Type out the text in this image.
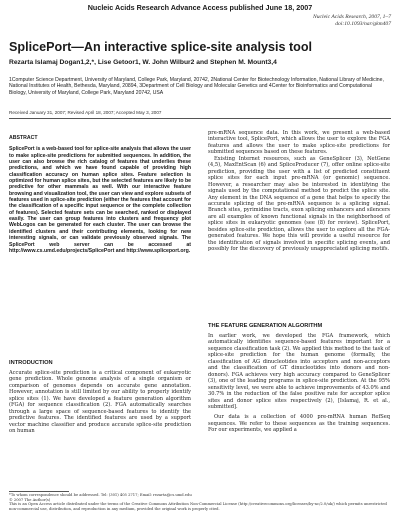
Nucleic Acids Research Advance Access published June 18, 2007
Nucleic Acids Research, 2007, 1–7
doi:10.1093/nar/gkm407
SplicePort—An interactive splice-site analysis tool
Rezarta Islamaj Dogan1,2,*, Lise Getoor1, W. John Wilbur2 and Stephen M. Mount3,4
1Computer Science Department, University of Maryland, College Park, Maryland, 20742, 2National Center for Biotechnology Information, National Library of Medicine, National Institutes of Health, Bethesda, Maryland, 20894, 3Department of Cell Biology and Molecular Genetics and 4Center for Bioinformatics and Computational Biology, University of Maryland, College Park, Maryland 20742, USA
Received January 31, 2007; Revised April 18, 2007; Accepted May 3, 2007

ABSTRACT

SplicePort is a web-based tool for splice-site analysis that allows the user to make splice-site predictions for submitted sequences. In addition, the user can also browse the rich catalog of features that underlies these predictions, and which we have found capable of providing high classification accuracy on human splice sites. Feature selection is optimized for human splice sites, but the selected features are likely to be predictive for other mammals as well. With our interactive feature browsing and visualization tool, the user can view and explore subsets of features used in splice-site prediction (either the features that account for the classification of a specific input sequence or the complete collection of features). Selected feature sets can be searched, ranked or displayed easily. The user can group features into clusters and frequency plot WebLogos can be generated for each cluster. The user can browse the identified clusters and their contributing elements, looking for new interesting signals, or can validate previously observed signals. The SplicePort web server can be accessed at http://www.cs.umd.edu/projects/SplicePort and http://www.spliceport.org.

INTRODUCTION

Accurate splice-site prediction is a critical component of eukaryotic gene prediction. Whole genome analysis of a single organism or comparison of genomes depends on accurate gene annotation. However, annotation is still limited by our ability to properly identify splice sites (1). We have developed a feature generation algorithm (FGA) for sequence classification (2). FGA automatically searches through a large space of sequence-based features to identify the predictive features. The identified features are used by a support vector machine classifier and produce accurate splice-site prediction on human

pre-mRNA sequence data. In this work, we present a web-based interactive tool, SplicePort, which allows the user to explore the FGA features and allows the user to make splice-site predictions for submitted sequences based on these features.

Existing Internet resources, such as GeneSplicer (3), NetGene (4,5), MaxEntScan (6) and SpliceProducer (7), offer online splice-site prediction, providing the user with a list of predicted constituent splice sites for each input pre-mRNA (or genomic) sequence. However, a researcher may also be interested in identifying the signals used by the computational method to predict the splice site. Any element in the DNA sequence of a gene that helps to specify the accurate splicing of the pre-mRNA sequence is a splicing signal. Branch sites, pyrimidine tracts, exon splicing enhancers and silencers are all examples of known functional signals in the neighborhood of splice sites in eukaryotic genomes (see (8) for review). SplicePort, besides splice-site prediction, allows the user to explore all the FGA-generated features. We hope this will provide a useful resource for the identification of signals involved in specific splicing events, and possibly for the discovery of previously unappreciated splicing motifs.

THE FEATURE GENERATION ALGORITHM

In earlier work, we developed the FGA framework, which automatically identifies sequence-based features important for a sequence classification task (2). We applied this method to the task of splice-site prediction for the human genome (formally, the classification of AG dinucleotides into acceptors and non-acceptors and the classification of GT dinucleotides into donors and non-donors). FGA achieves very high accuracy compared to GeneSplicer (3), one of the leading programs in splice-site prediction. At the 95% sensitivity level, we were able to achieve improvements of 43.0% and 30.7% in the reduction of the false positive rate for acceptor splice sites and donor splice sites respectively (2), [Islamaj, R. et al., submitted].

Our data is a collection of 4000 pre-mRNA human RefSeq sequences. We refer to these sequences as the training sequences. For our experiments, we applied a

*To whom correspondence should be addressed. Tel: (301) 405 2717; Email: rezarta@cs.umd.edu
© 2007 The Author(s)
This is an Open Access article distributed under the terms of the Creative Commons Attribution Non-Commercial License (http://creativecommons.org/licenses/by-nc/2.0/uk/) which permits unrestricted non-commercial use, distribution, and reproduction in any medium, provided the original work is properly cited.
